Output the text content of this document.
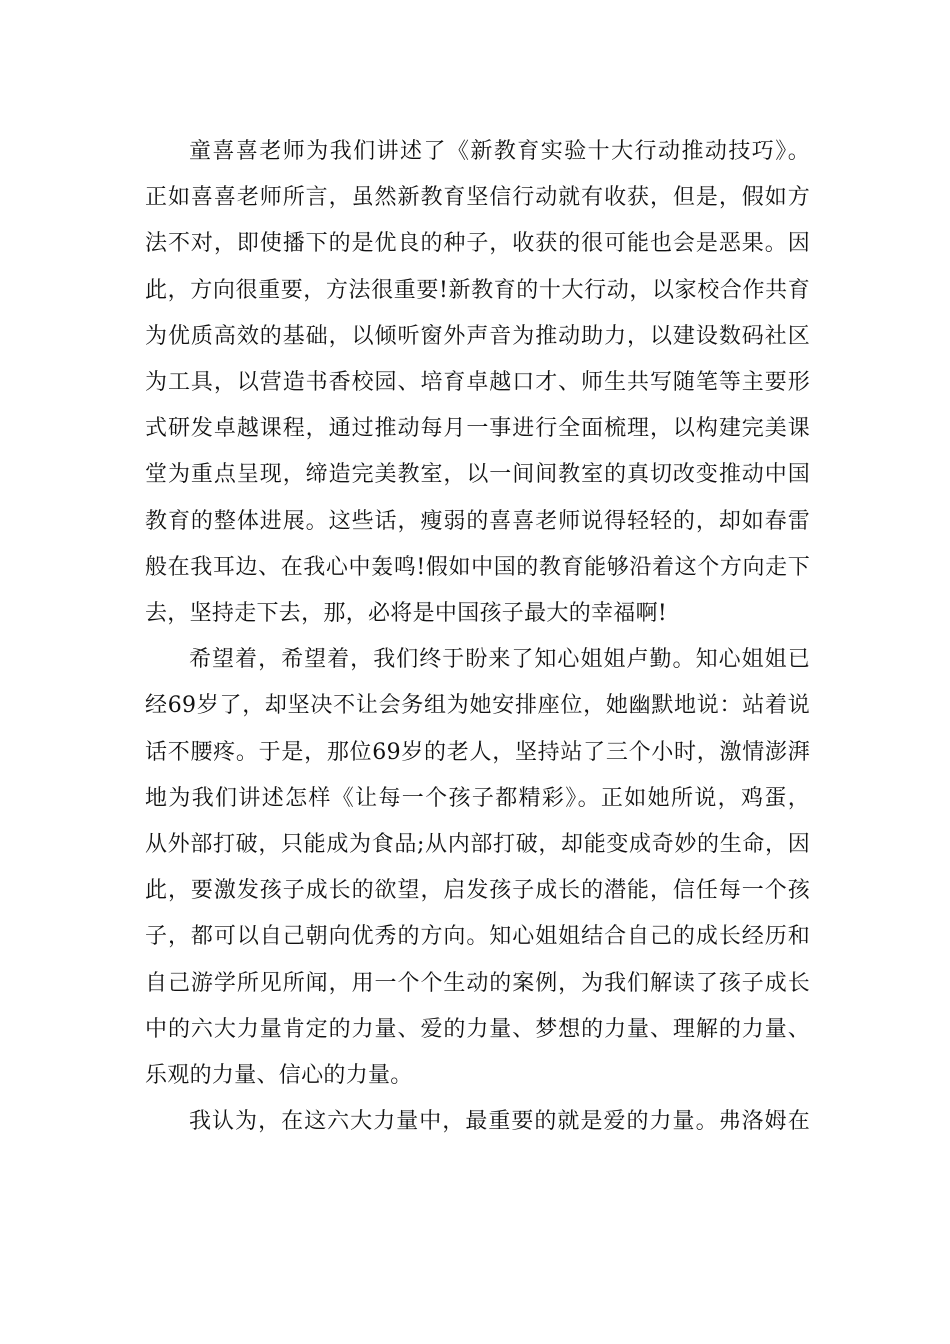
童喜喜老师为我们讲述了《新教育实验十大行动推动技巧》。
正如喜喜老师所言，虽然新教育坚信行动就有收获，但是，假如方
法不对，即使播下的是优良的种子，收获的很可能也会是恶果。因
此，方向很重要，方法很重要!新教育的十大行动，以家校合作共育
为优质高效的基础，以倾听窗外声音为推动助力，以建设数码社区
为工具，以营造书香校园、培育卓越口才、师生共写随笔等主要形
式研发卓越课程，通过推动每月一事进行全面梳理，以构建完美课
堂为重点呈现，缔造完美教室，以一间间教室的真切改变推动中国
教育的整体进展。这些话，瘦弱的喜喜老师说得轻轻的，却如春雷
般在我耳边、在我心中轰鸣!假如中国的教育能够沿着这个方向走下
去，坚持走下去，那，必将是中国孩子最大的幸福啊!
希望着，希望着，我们终于盼来了知心姐姐卢勤。知心姐姐已
经69岁了，却坚决不让会务组为她安排座位，她幽默地说：站着说
话不腰疼。于是，那位69岁的老人，坚持站了三个小时，激情澎湃
地为我们讲述怎样《让每一个孩子都精彩》。正如她所说，鸡蛋，
从外部打破，只能成为食品;从内部打破，却能变成奇妙的生命，因
此，要激发孩子成长的欲望，启发孩子成长的潜能，信任每一个孩
子，都可以自己朝向优秀的方向。知心姐姐结合自己的成长经历和
自己游学所见所闻，用一个个生动的案例，为我们解读了孩子成长
中的六大力量肯定的力量、爱的力量、梦想的力量、理解的力量、
乐观的力量、信心的力量。
我认为，在这六大力量中，最重要的就是爱的力量。弗洛姆在
